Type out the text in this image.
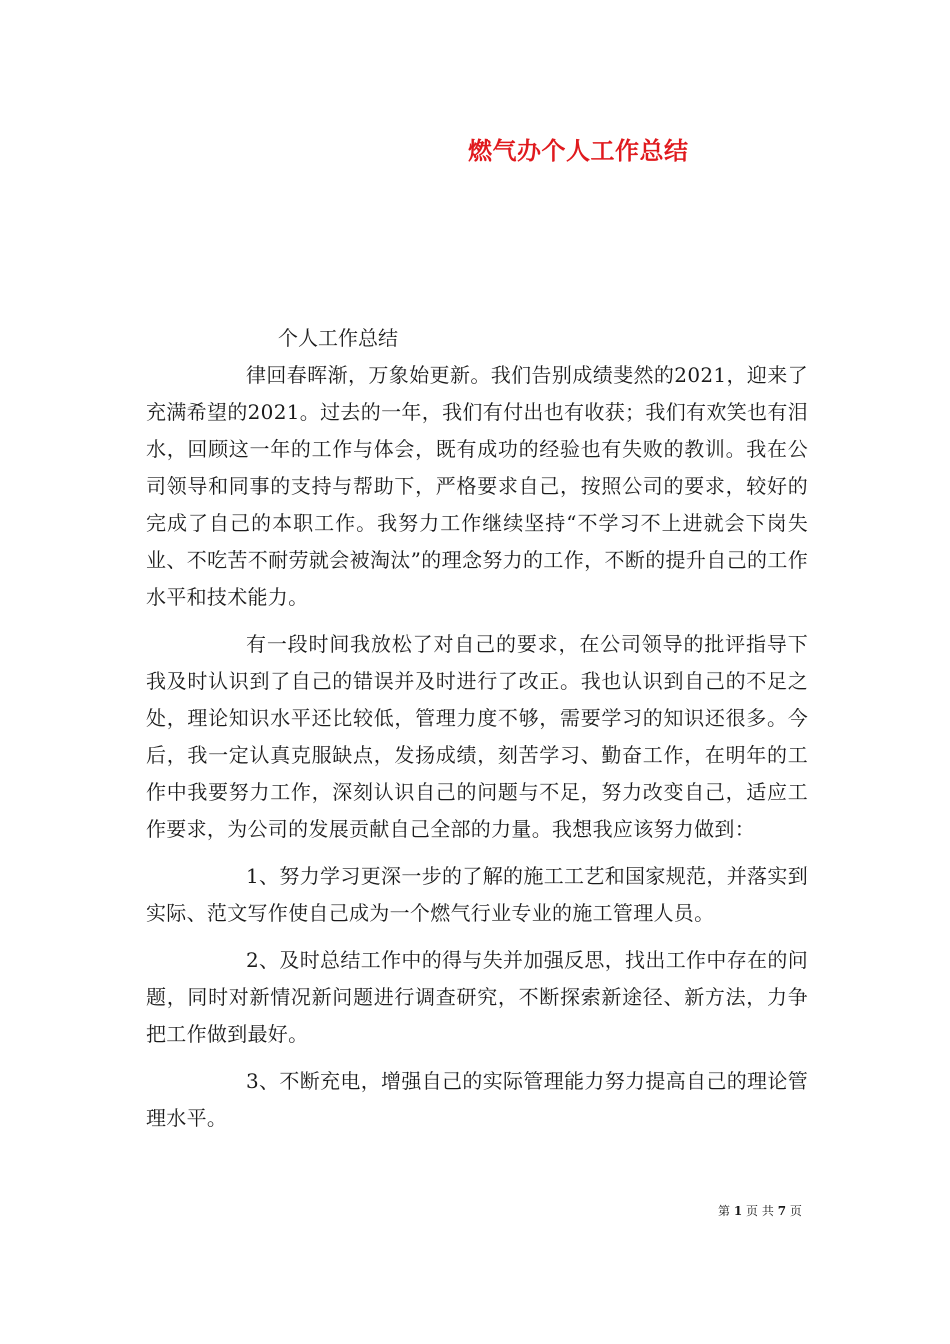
燃气办个人工作总结

个人工作总结

律回春晖渐，万象始更新。我们告别成绩斐然的2021，迎来了充满希望的2021。过去的一年，我们有付出也有收获；我们有欢笑也有泪水，回顾这一年的工作与体会，既有成功的经验也有失败的教训。我在公司领导和同事的支持与帮助下，严格要求自己，按照公司的要求，较好的完成了自己的本职工作。我努力工作继续坚持“不学习不上进就会下岗失业、不吃苦不耐劳就会被淘汰”的理念努力的工作，不断的提升自己的工作水平和技术能力。

有一段时间我放松了对自己的要求，在公司领导的批评指导下我及时认识到了自己的错误并及时进行了改正。我也认识到自己的不足之处，理论知识水平还比较低，管理力度不够，需要学习的知识还很多。今后，我一定认真克服缺点，发扬成绩，刻苦学习、勤奋工作，在明年的工作中我要努力工作，深刻认识自己的问题与不足，努力改变自己，适应工作要求，为公司的发展贡献自己全部的力量。我想我应该努力做到：

1、努力学习更深一步的了解的施工工艺和国家规范，并落实到实际、范文写作使自己成为一个燃气行业专业的施工管理人员。

2、及时总结工作中的得与失并加强反思，找出工作中存在的问题，同时对新情况新问题进行调查研究，不断探索新途径、新方法，力争把工作做到最好。

3、不断充电，增强自己的实际管理能力努力提高自己的理论管理水平。

第 1 页 共 7 页
